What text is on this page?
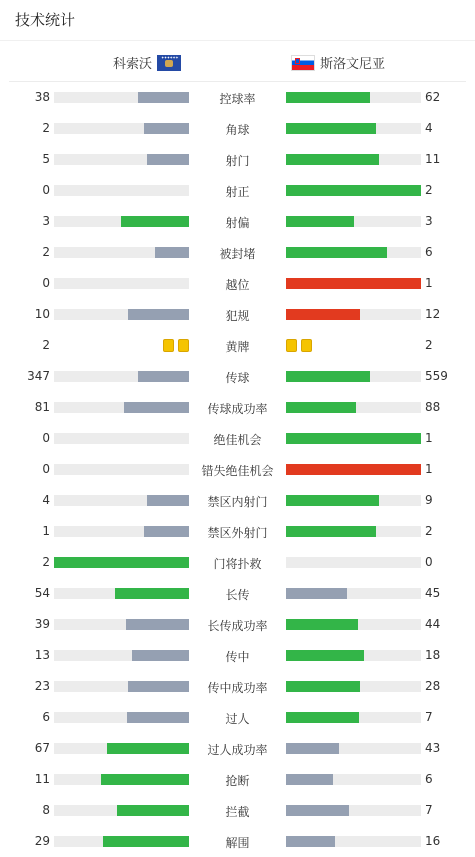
技术统计
科索沃 ✦✦✦✦✦✦	斯洛文尼亚
38	控球率	62
2	角球	4
5	射门	11
0	射正	2
3	射偏	3
2	被封堵	6
0	越位	1
10	犯规	12
2	黄牌	2
347	传球	559
81	传球成功率	88
0	绝佳机会	1
0	错失绝佳机会	1
4	禁区内射门	9
1	禁区外射门	2
2	门将扑救	0
54	长传	45
39	长传成功率	44
13	传中	18
23	传中成功率	28
6	过人	7
67	过人成功率	43
11	抢断	6
8	拦截	7
29	解围	16
